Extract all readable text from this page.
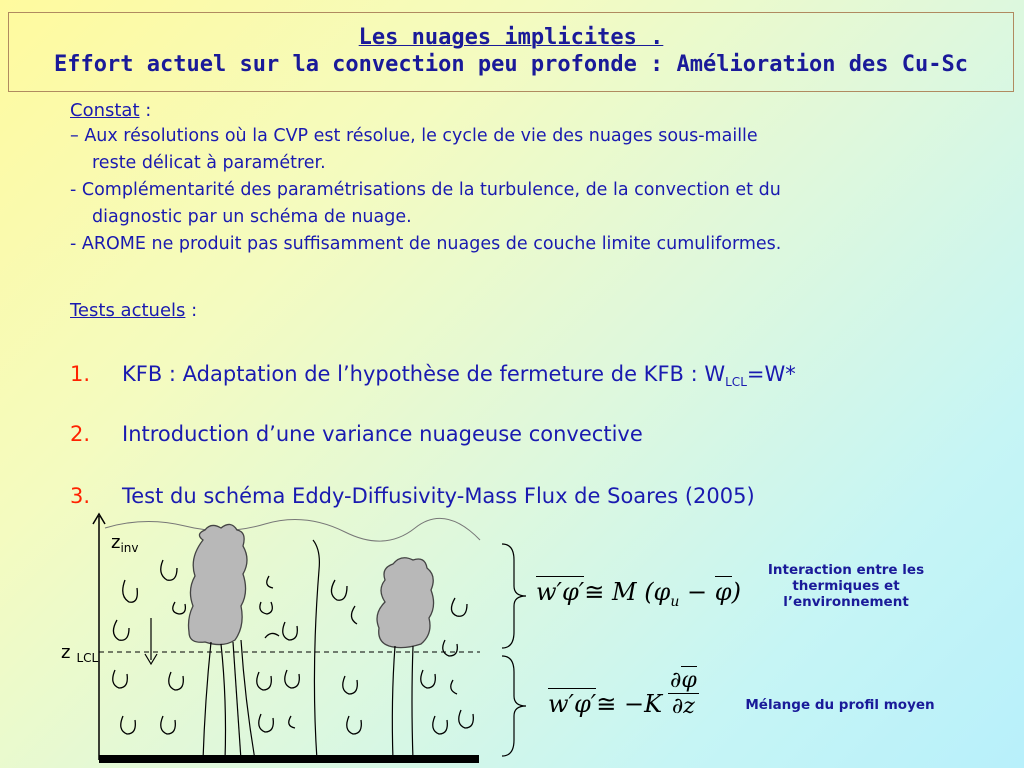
Les nuages implicites .
Effort actuel sur la convection peu profonde : Amélioration des Cu-Sc
Constat :
– Aux résolutions où la CVP est résolue, le cycle de vie des nuages sous-maille
reste délicat à paramétrer.
- Complémentarité des paramétrisations de la turbulence, de la convection et du
diagnostic par un schéma de nuage.
- AROME ne produit pas suffisamment de nuages de couche limite cumuliformes.
Tests actuels :
1. KFB : Adaptation de l’hypothèse de fermeture de KFB : $W_{LCL}=W*$
2. Introduction d’une variance nuageuse convective
3. Test du schéma Eddy-Diffusivity-Mass Flux de Soares (2005)
$z_{inv}$
z $_{LCL}$
w′φ′≅ M $(\varphi_u - \varphi)$
w′φ′≅ −K
∂φ
∂z
Interaction entre les thermiques et l’environnement
Mélange du profil moyen
